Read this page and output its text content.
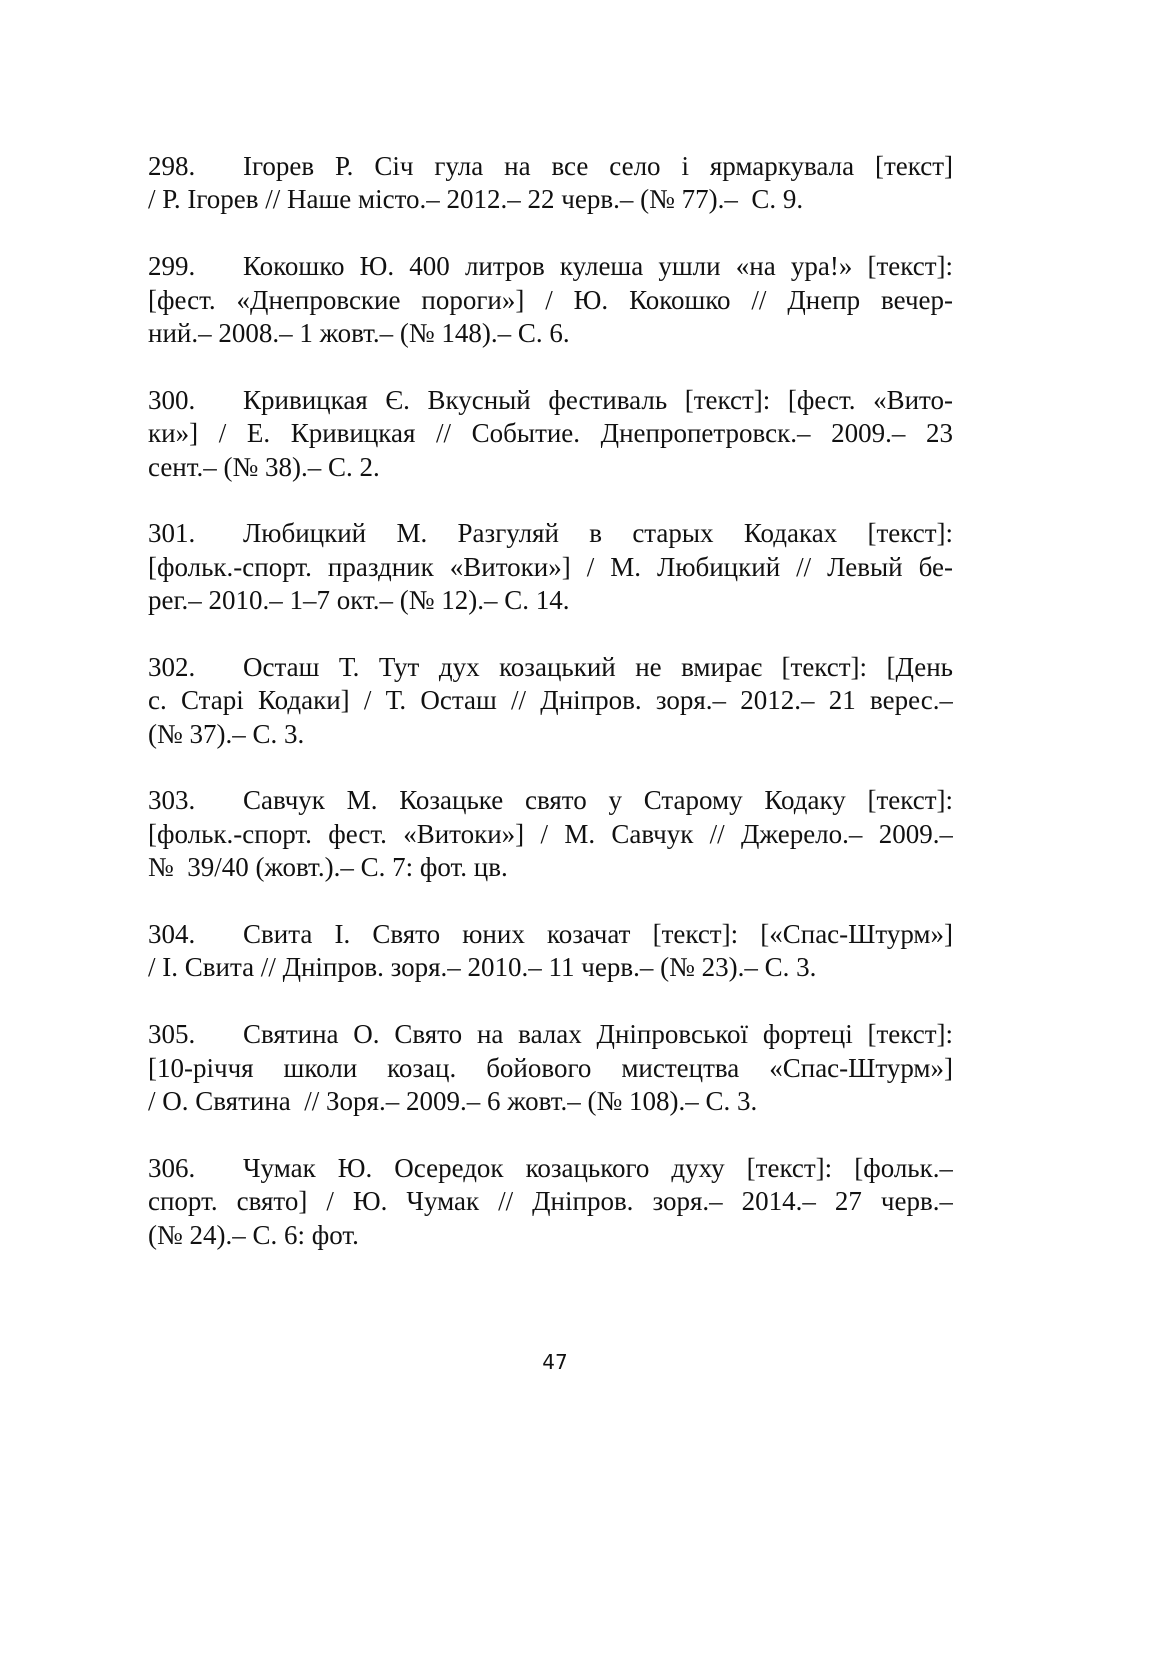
298. Ігорев Р. Січ гула на все село і ярмаркувала [текст]
/ Р. Ігорев // Наше місто.– 2012.– 22 черв.– (№ 77).–  С. 9.
299. Кокошко Ю. 400 литров кулеша ушли «на ура!» [текст]:
[фест. «Днепровские пороги»] / Ю. Кокошко // Днепр вечер-
ний.– 2008.– 1 жовт.– (№ 148).– С. 6.
300. Кривицкая Є. Вкусный фестиваль [текст]: [фест. «Вито-
ки»] / Е. Кривицкая // Событие. Днепропетровск.– 2009.– 23
сент.– (№ 38).– С. 2.
301. Любицкий М. Разгуляй в старых Кодаках [текст]:
[фольк.-спорт. праздник «Витоки»] / М. Любицкий // Левый бе-
рег.– 2010.– 1–7 окт.– (№ 12).– С. 14.
302. Осташ Т. Тут дух козацький не вмирає [текст]: [День
с. Старі Кодаки] / Т. Осташ // Дніпров. зоря.– 2012.– 21 верес.–
(№ 37).– С. 3.
303. Савчук М. Козацьке свято у Старому Кодаку [текст]:
[фольк.-спорт. фест. «Витоки»] / М. Савчук // Джерело.– 2009.–
№  39/40 (жовт.).– С. 7: фот. цв.
304. Свита І. Свято юних козачат [текст]: [«Спас-Штурм»]
/ І. Свита // Дніпров. зоря.– 2010.– 11 черв.– (№ 23).– С. 3.
305. Святина О. Свято на валах Дніпровської фортеці [текст]:
[10-річчя школи козац. бойового мистецтва «Спас-Штурм»]
/ О. Святина  // Зоря.– 2009.– 6 жовт.– (№ 108).– С. 3.
306. Чумак Ю. Осередок козацького духу [текст]: [фольк.–
спорт. свято] / Ю. Чумак // Дніпров. зоря.– 2014.– 27 черв.–
(№ 24).– С. 6: фот.
47
